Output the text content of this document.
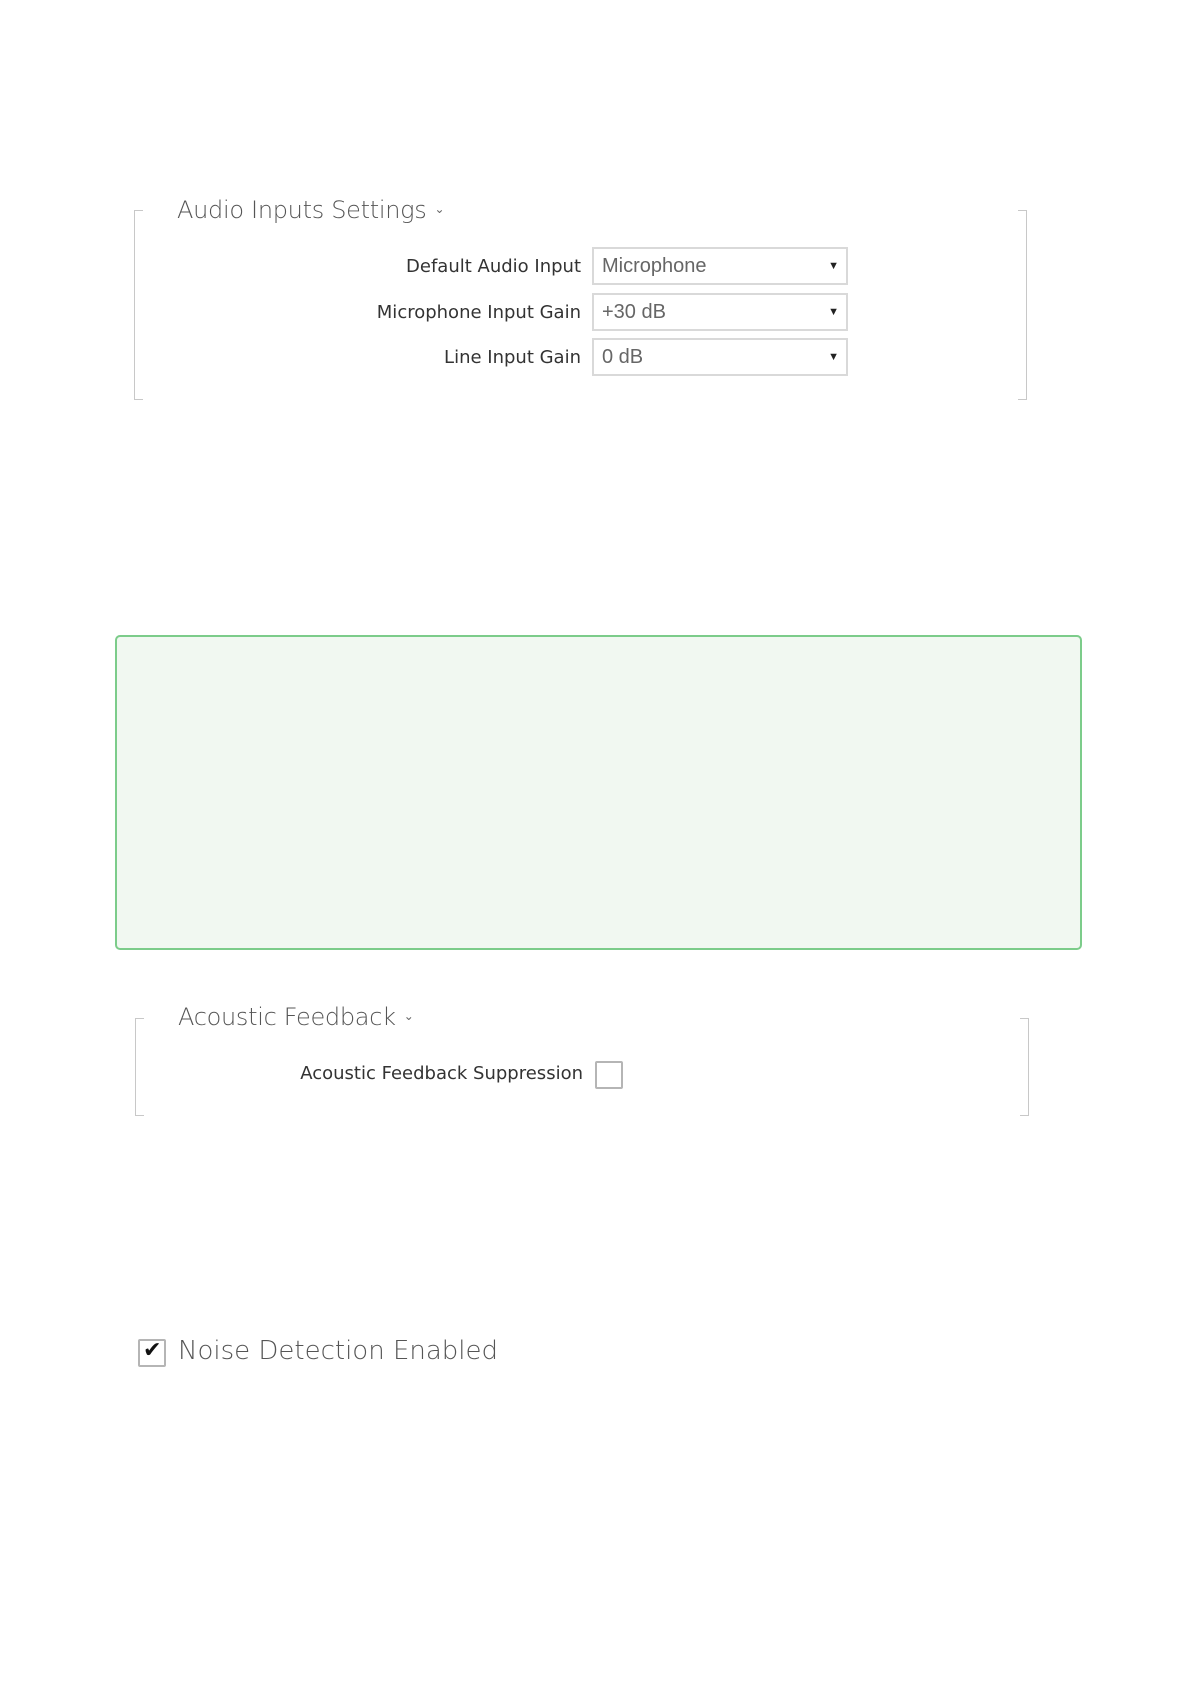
Audio Inputs Settings ⌄
Default Audio Input	Microphone	▼
Microphone Input Gain	+30 dB	▼
Line Input Gain	0 dB	▼
Acoustic Feedback ⌄
Acoustic Feedback Suppression
✔ Noise Detection Enabled
